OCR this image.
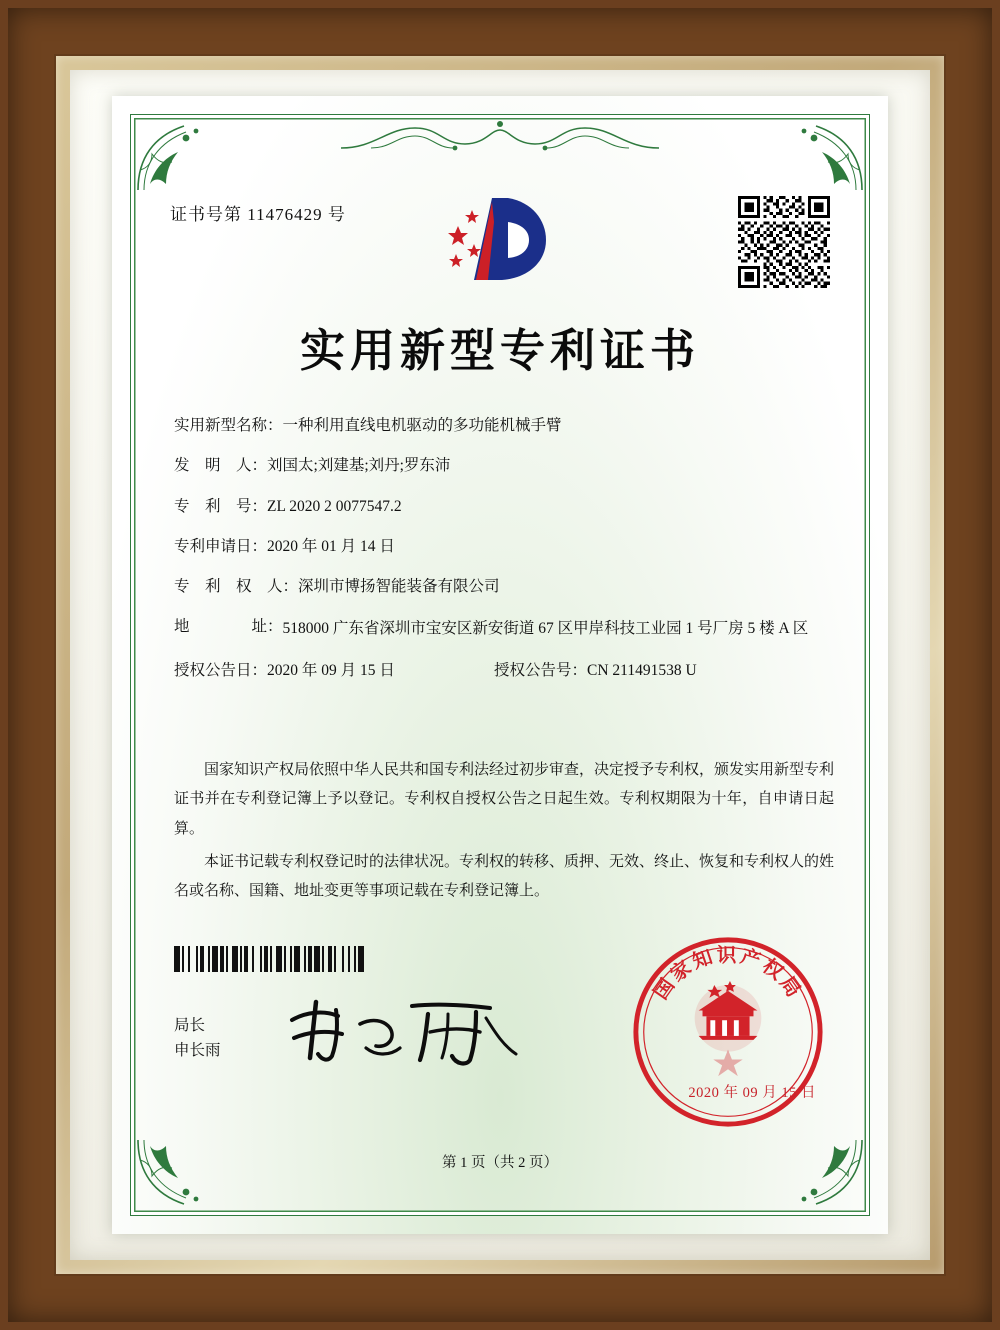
证书号第 11476429 号
实用新型专利证书
实用新型名称： 一种利用直线电机驱动的多功能机械手臂
发　明　人： 刘国太;刘建基;刘丹;罗东沛
专　利　号： ZL 2020 2 0077547.2
专利申请日： 2020 年 01 月 14 日
专　利　权　人： 深圳市博扬智能装备有限公司
地　　　　址： 518000 广东省深圳市宝安区新安街道 67 区甲岸科技工业园 1 号厂房 5 楼 A 区
授权公告日： 2020 年 09 月 15 日	授权公告号： CN 211491538 U

国家知识产权局依照中华人民共和国专利法经过初步审查，决定授予专利权，颁发实用新型专利证书并在专利登记簿上予以登记。专利权自授权公告之日起生效。专利权期限为十年，自申请日起算。

本证书记载专利权登记时的法律状况。专利权的转移、质押、无效、终止、恢复和专利权人的姓名或名称、国籍、地址变更等事项记载在专利登记簿上。

局长
申长雨
国家知识产权局
2020 年 09 月 15 日
第 1 页（共 2 页）
